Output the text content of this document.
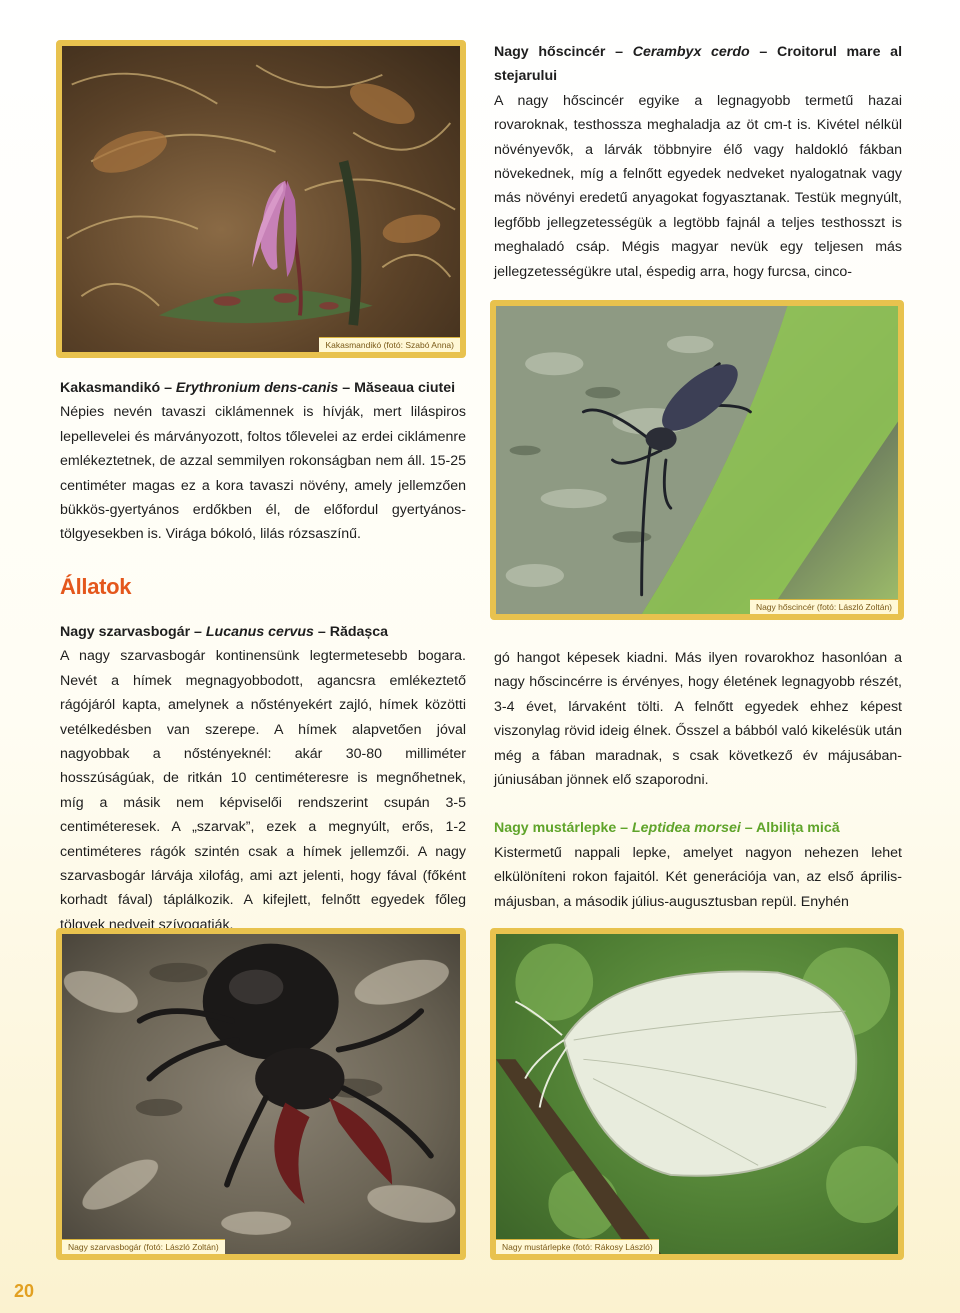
Kakasmandikó (fotó: Szabó Anna)

Nagy hőscincér – Cerambyx cerdo – Croitorul mare al stejarului

A nagy hőscincér egyike a legnagyobb termetű hazai rovaroknak, testhossza meghaladja az öt cm-t is. Kivétel nélkül növényevők, a lárvák többnyire élő vagy haldokló fákban növekednek, míg a felnőtt egyedek nedveket nyalogatnak vagy más növényi eredetű anyagokat fogyasztanak. Testük megnyúlt, legfőbb jellegzetességük a legtöbb fajnál a teljes testhosszt is meghaladó csáp. Mégis magyar nevük egy teljesen más jellegzetességükre utal, éspedig arra, hogy furcsa, cinco-

Nagy hőscincér (fotó: László Zoltán)

Kakasmandikó – Erythronium dens-canis – Măseaua ciutei

Népies nevén tavaszi ciklámennek is hívják, mert liláspiros lepellevelei és márványozott, foltos tőlevelei az erdei ciklámenre emlékeztetnek, de azzal semmilyen rokonságban nem áll. 15-25 centiméter magas ez a kora tavaszi növény, amely jellemzően bükkös-gyertyános erdőkben él, de előfordul gyertyános-tölgyesekben is. Virága bókoló, lilás rózsaszínű.

Állatok

Nagy szarvasbogár – Lucanus cervus – Rădașca

A nagy szarvasbogár kontinensünk legtermetesebb bogara. Nevét a hímek megnagyobbodott, agancsra emlékeztető rágójáról kapta, amelynek a nőstényekért zajló, hímek közötti vetélkedésben van szerepe. A hímek alapvetően jóval nagyobbak a nőstényeknél: akár 30-80 milliméter hosszúságúak, de ritkán 10 centiméteresre is megnőhetnek, míg a másik nem képviselői rendszerint csupán 3-5 centiméteresek. A „szarvak”, ezek a megnyúlt, erős, 1-2 centiméteres rágók szintén csak a hímek jellemzői. A nagy szarvasbogár lárvája xilofág, ami azt jelenti, hogy fával (főként korhadt fával) táplálkozik. A kifejlett, felnőtt egyedek főleg tölgyek nedveit szívogatják.

gó hangot képesek kiadni. Más ilyen rovarokhoz hasonlóan a nagy hőscincérre is érvényes, hogy életének legnagyobb részét, 3-4 évet, lárvaként tölti. A felnőtt egyedek ehhez képest viszonylag rövid ideig élnek. Ősszel a bábból való kikelésük után még a fában maradnak, s csak következő év májusában-júniusában jönnek elő szaporodni.

Nagy mustárlepke – Leptidea morsei – Albilița mică

Kistermetű nappali lepke, amelyet nagyon nehezen lehet elkülöníteni rokon fajaitól. Két generációja van, az első április-májusban, a második július-augusztusban repül. Enyhén

Nagy szarvasbogár (fotó: László Zoltán)	Nagy mustárlepke (fotó: Rákosy László)
20
